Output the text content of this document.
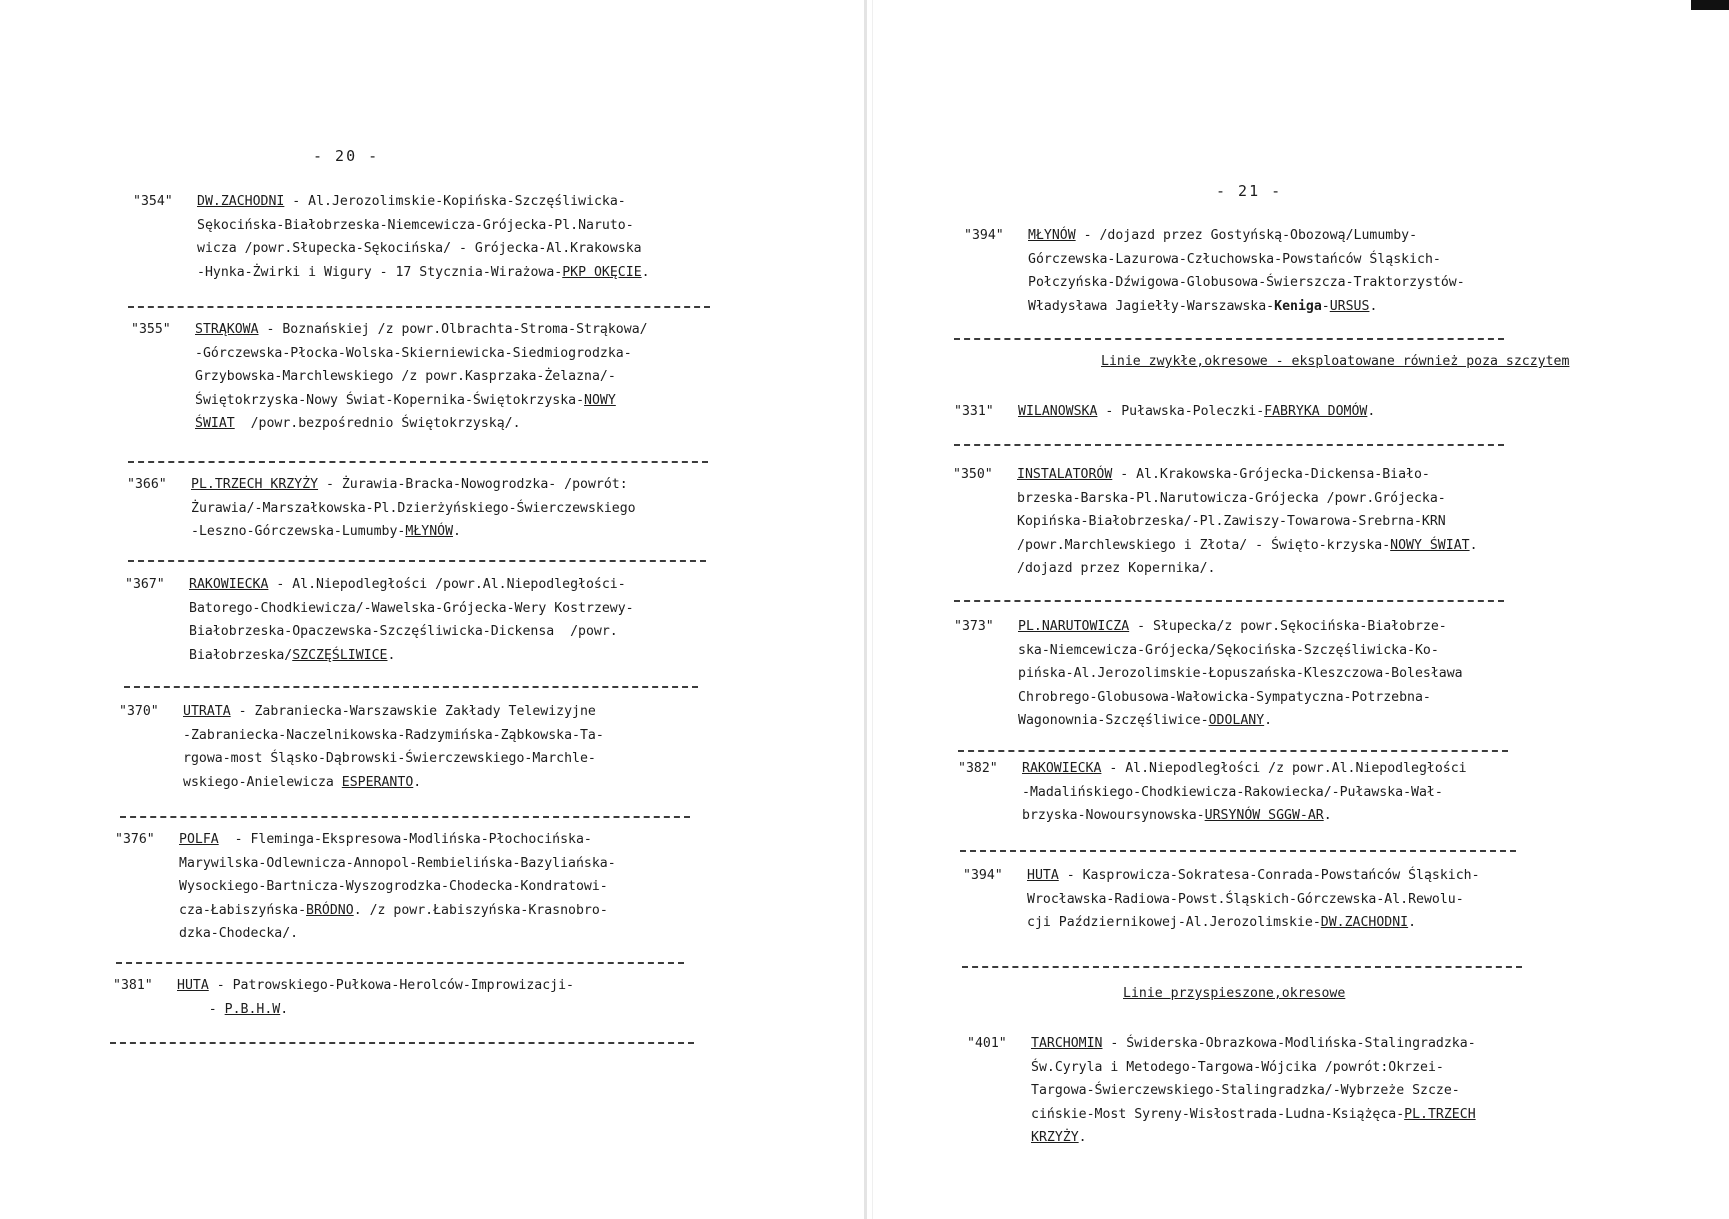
- 20 -
"354"	DW.ZACHODNI - Al.Jerozolimskie-Kopińska-Szczęśliwicka-
Sękocińska-Białobrzeska-Niemcewicza-Grójecka-Pl.Naruto-
wicza /powr.Słupecka-Sękocińska/ - Grójecka-Al.Krakowska
-Hynka-Żwirki i Wigury - 17 Stycznia-Wirażowa-PKP OKĘCIE.
"355"	STRĄKOWA - Boznańskiej /z powr.Olbrachta-Stroma-Strąkowa/
-Górczewska-Płocka-Wolska-Skierniewicka-Siedmiogrodzka-
Grzybowska-Marchlewskiego /z powr.Kasprzaka-Żelazna/-
Świętokrzyska-Nowy Świat-Kopernika-Świętokrzyska-NOWY
ŚWIAT  /powr.bezpośrednio Świętokrzyską/.
"366"	PL.TRZECH KRZYŻY - Żurawia-Bracka-Nowogrodzka- /powrót:
Żurawia/-Marszałkowska-Pl.Dzierżyńskiego-Świerczewskiego
-Leszno-Górczewska-Lumumby-MŁYNÓW.
"367"	RAKOWIECKA - Al.Niepodległości /powr.Al.Niepodległości-
Batorego-Chodkiewicza/-Wawelska-Grójecka-Wery Kostrzewy-
Białobrzeska-Opaczewska-Szczęśliwicka-Dickensa  /powr.
Białobrzeska/SZCZĘŚLIWICE.
"370"	UTRATA - Zabraniecka-Warszawskie Zakłady Telewizyjne
-Zabraniecka-Naczelnikowska-Radzymińska-Ząbkowska-Ta-
rgowa-most Śląsko-Dąbrowski-Świerczewskiego-Marchle-
wskiego-Anielewicza ESPERANTO.
"376"	POLFA  - Fleminga-Ekspresowa-Modlińska-Płochocińska-
Marywilska-Odlewnicza-Annopol-Rembielińska-Bazyliańska-
Wysockiego-Bartnicza-Wyszogrodzka-Chodecka-Kondratowi-
cza-Łabiszyńska-BRÓDNO. /z powr.Łabiszyńska-Krasnobro-
dzka-Chodecka/.
"381"	HUTA - Patrowskiego-Pułkowa-Herolców-Improwizacji-
- P.B.H.W.
- 21 -
Linie zwykłe,okresowe - eksploatowane również poza szczytem
Linie przyspieszone,okresowe
"394"	MŁYNÓW - /dojazd przez Gostyńską-Obozową/Lumumby-
Górczewska-Lazurowa-Człuchowska-Powstańców Śląskich-
Połczyńska-Dźwigowa-Globusowa-Świerszcza-Traktorzystów-
Władysława Jagiełły-Warszawska-Keniga-URSUS.
"331"	WILANOWSKA - Puławska-Poleczki-FABRYKA DOMÓW.
"350"	INSTALATORÓW - Al.Krakowska-Grójecka-Dickensa-Biało-
brzeska-Barska-Pl.Narutowicza-Grójecka /powr.Grójecka-
Kopińska-Białobrzeska/-Pl.Zawiszy-Towarowa-Srebrna-KRN
/powr.Marchlewskiego i Złota/ - Święto-krzyska-NOWY ŚWIAT.
/dojazd przez Kopernika/.
"373"	PL.NARUTOWICZA - Słupecka/z powr.Sękocińska-Białobrze-
ska-Niemcewicza-Grójecka/Sękocińska-Szczęśliwicka-Ko-
pińska-Al.Jerozolimskie-Łopuszańska-Kleszczowa-Bolesława
Chrobrego-Globusowa-Wałowicka-Sympatyczna-Potrzebna-
Wagonownia-Szczęśliwice-ODOLANY.
"382"	RAKOWIECKA - Al.Niepodległości /z powr.Al.Niepodległości
-Madalińskiego-Chodkiewicza-Rakowiecka/-Puławska-Wał-
brzyska-Nowoursynowska-URSYNÓW SGGW-AR.
"394"	HUTA - Kasprowicza-Sokratesa-Conrada-Powstańców Śląskich-
Wrocławska-Radiowa-Powst.Śląskich-Górczewska-Al.Rewolu-
cji Październikowej-Al.Jerozolimskie-DW.ZACHODNI.
"401"	TARCHOMIN - Świderska-Obrazkowa-Modlińska-Stalingradzka-
Św.Cyryla i Metodego-Targowa-Wójcika /powrót:Okrzei-
Targowa-Świerczewskiego-Stalingradzka/-Wybrzeże Szcze-
cińskie-Most Syreny-Wisłostrada-Ludna-Książęca-PL.TRZECH
KRZYŻY.
